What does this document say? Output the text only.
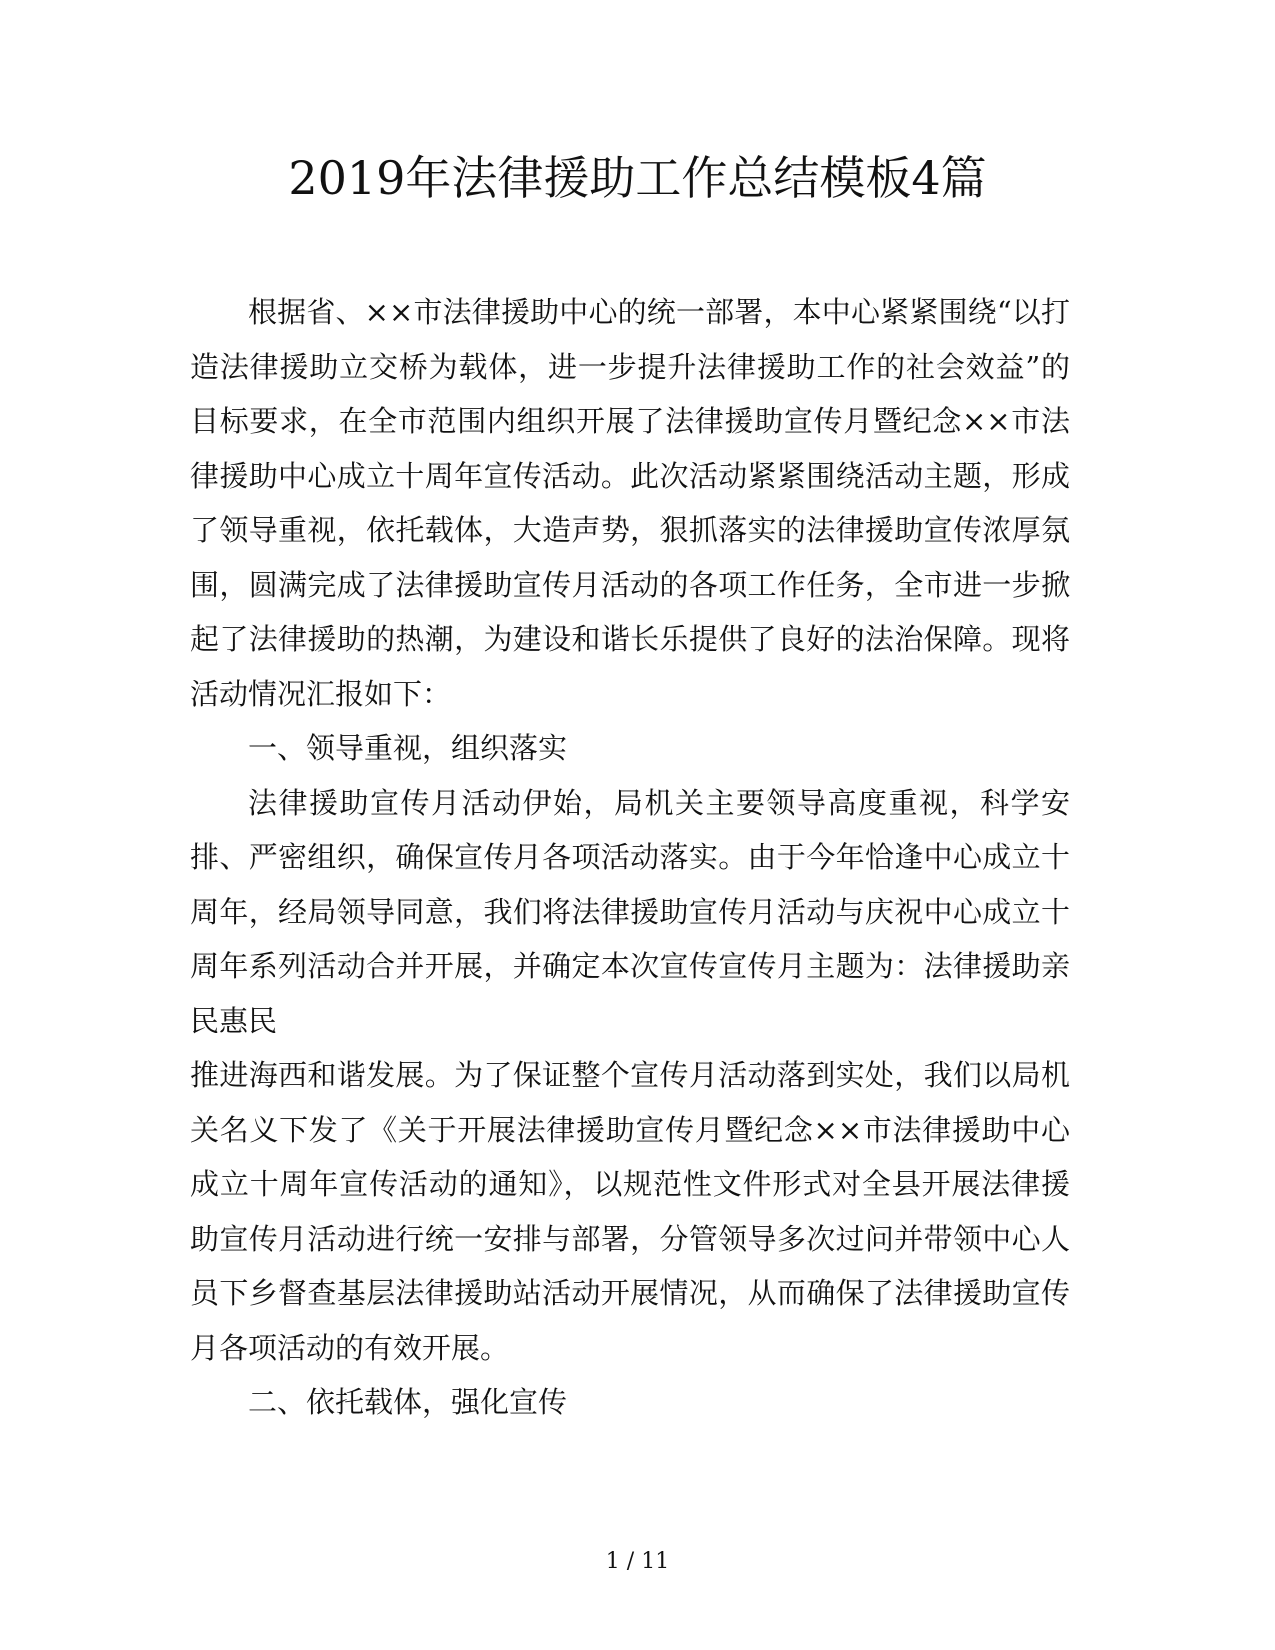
2019年法律援助工作总结模板4篇

根据省、××市法律援助中心的统一部署，本中心紧紧围绕“以打造法律援助立交桥为载体，进一步提升法律援助工作的社会效益”的目标要求，在全市范围内组织开展了法律援助宣传月暨纪念××市法律援助中心成立十周年宣传活动。此次活动紧紧围绕活动主题，形成了领导重视，依托载体，大造声势，狠抓落实的法律援助宣传浓厚氛围，圆满完成了法律援助宣传月活动的各项工作任务，全市进一步掀起了法律援助的热潮，为建设和谐长乐提供了良好的法治保障。现将活动情况汇报如下：

一、领导重视，组织落实

法律援助宣传月活动伊始，局机关主要领导高度重视，科学安排、严密组织，确保宣传月各项活动落实。由于今年恰逢中心成立十周年，经局领导同意，我们将法律援助宣传月活动与庆祝中心成立十周年系列活动合并开展，并确定本次宣传宣传月主题为：法律援助亲民惠民

推进海西和谐发展。为了保证整个宣传月活动落到实处，我们以局机关名义下发了《关于开展法律援助宣传月暨纪念××市法律援助中心成立十周年宣传活动的通知》，以规范性文件形式对全县开展法律援助宣传月活动进行统一安排与部署，分管领导多次过问并带领中心人员下乡督查基层法律援助站活动开展情况，从而确保了法律援助宣传月各项活动的有效开展。

二、依托载体，强化宣传

1 / 11
